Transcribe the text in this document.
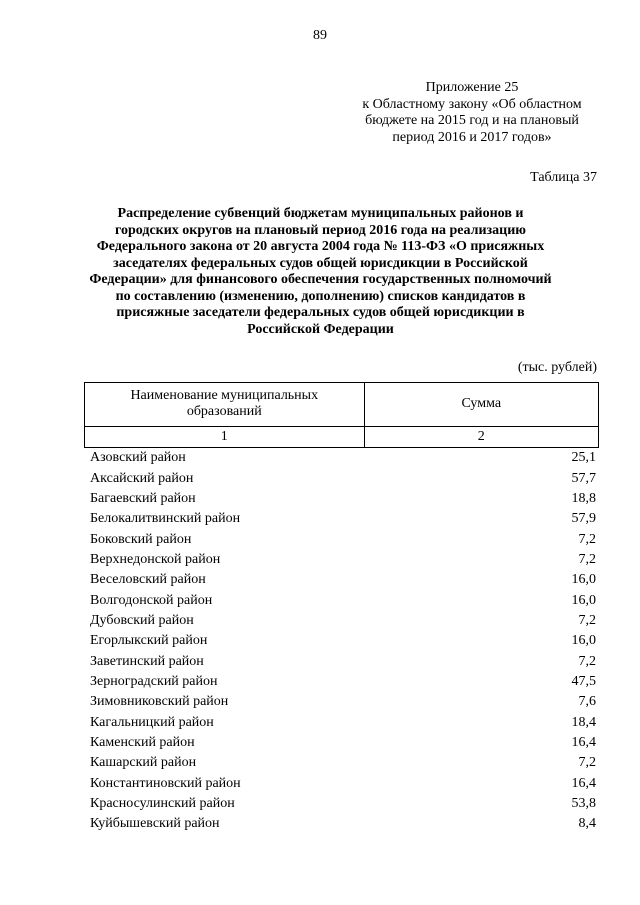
89
Приложение 25
к Областному закону «Об областном
бюджете на 2015 год и на плановый
период 2016 и 2017 годов»
Таблица 37
Распределение субвенций бюджетам муниципальных районов и
городских округов на плановый период 2016 года на реализацию
Федерального закона от 20 августа 2004 года № 113-ФЗ «О присяжных
заседателях федеральных судов общей юрисдикции в Российской
Федерации» для финансового обеспечения государственных полномочий
по составлению (изменению, дополнению) списков кандидатов в
присяжные заседатели федеральных судов общей юрисдикции в
Российской Федерации
(тыс. рублей)
Наименование муниципальных
образований	Сумма
1	2
Азовский район	25,1
Аксайский район	57,7
Багаевский район	18,8
Белокалитвинский район	57,9
Боковский район	7,2
Верхнедонской район	7,2
Веселовский район	16,0
Волгодонской район	16,0
Дубовский район	7,2
Егорлыкский район	16,0
Заветинский район	7,2
Зерноградский район	47,5
Зимовниковский район	7,6
Кагальницкий район	18,4
Каменский район	16,4
Кашарский район	7,2
Константиновский район	16,4
Красносулинский район	53,8
Куйбышевский район	8,4
